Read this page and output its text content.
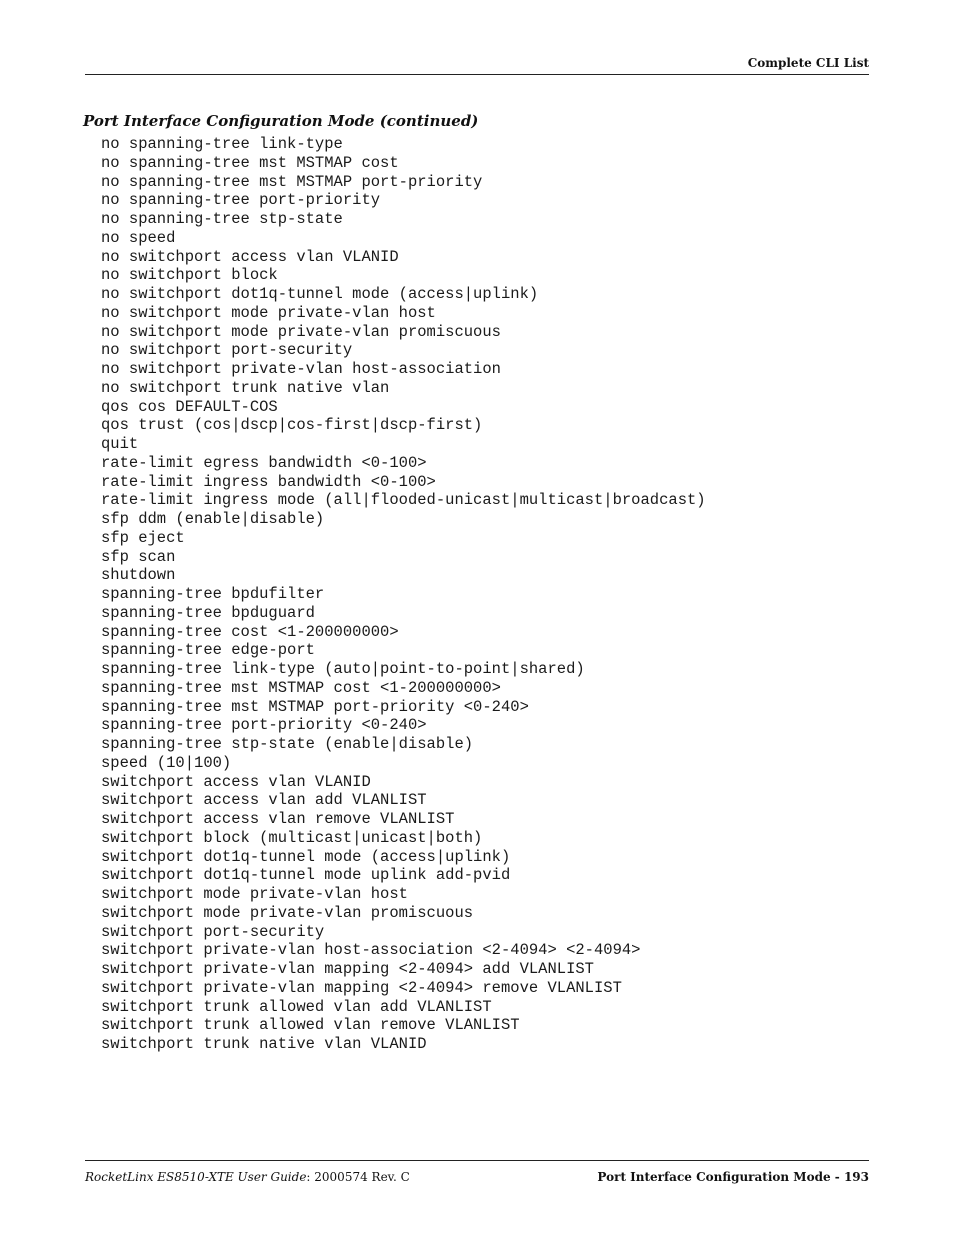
Complete CLI List
Port Interface Configuration Mode (continued)
no spanning-tree link-type
no spanning-tree mst MSTMAP cost
no spanning-tree mst MSTMAP port-priority
no spanning-tree port-priority
no spanning-tree stp-state
no speed
no switchport access vlan VLANID
no switchport block
no switchport dot1q-tunnel mode (access|uplink)
no switchport mode private-vlan host
no switchport mode private-vlan promiscuous
no switchport port-security
no switchport private-vlan host-association
no switchport trunk native vlan
qos cos DEFAULT-COS
qos trust (cos|dscp|cos-first|dscp-first)
quit
rate-limit egress bandwidth <0-100>
rate-limit ingress bandwidth <0-100>
rate-limit ingress mode (all|flooded-unicast|multicast|broadcast)
sfp ddm (enable|disable)
sfp eject
sfp scan
shutdown
spanning-tree bpdufilter
spanning-tree bpduguard
spanning-tree cost <1-200000000>
spanning-tree edge-port
spanning-tree link-type (auto|point-to-point|shared)
spanning-tree mst MSTMAP cost <1-200000000>
spanning-tree mst MSTMAP port-priority <0-240>
spanning-tree port-priority <0-240>
spanning-tree stp-state (enable|disable)
speed (10|100)
switchport access vlan VLANID
switchport access vlan add VLANLIST
switchport access vlan remove VLANLIST
switchport block (multicast|unicast|both)
switchport dot1q-tunnel mode (access|uplink)
switchport dot1q-tunnel mode uplink add-pvid
switchport mode private-vlan host
switchport mode private-vlan promiscuous
switchport port-security
switchport private-vlan host-association <2-4094> <2-4094>
switchport private-vlan mapping <2-4094> add VLANLIST
switchport private-vlan mapping <2-4094> remove VLANLIST
switchport trunk allowed vlan add VLANLIST
switchport trunk allowed vlan remove VLANLIST
switchport trunk native vlan VLANID
RocketLinx ES8510-XTE User Guide: 2000574 Rev. C	Port Interface Configuration Mode - 193
